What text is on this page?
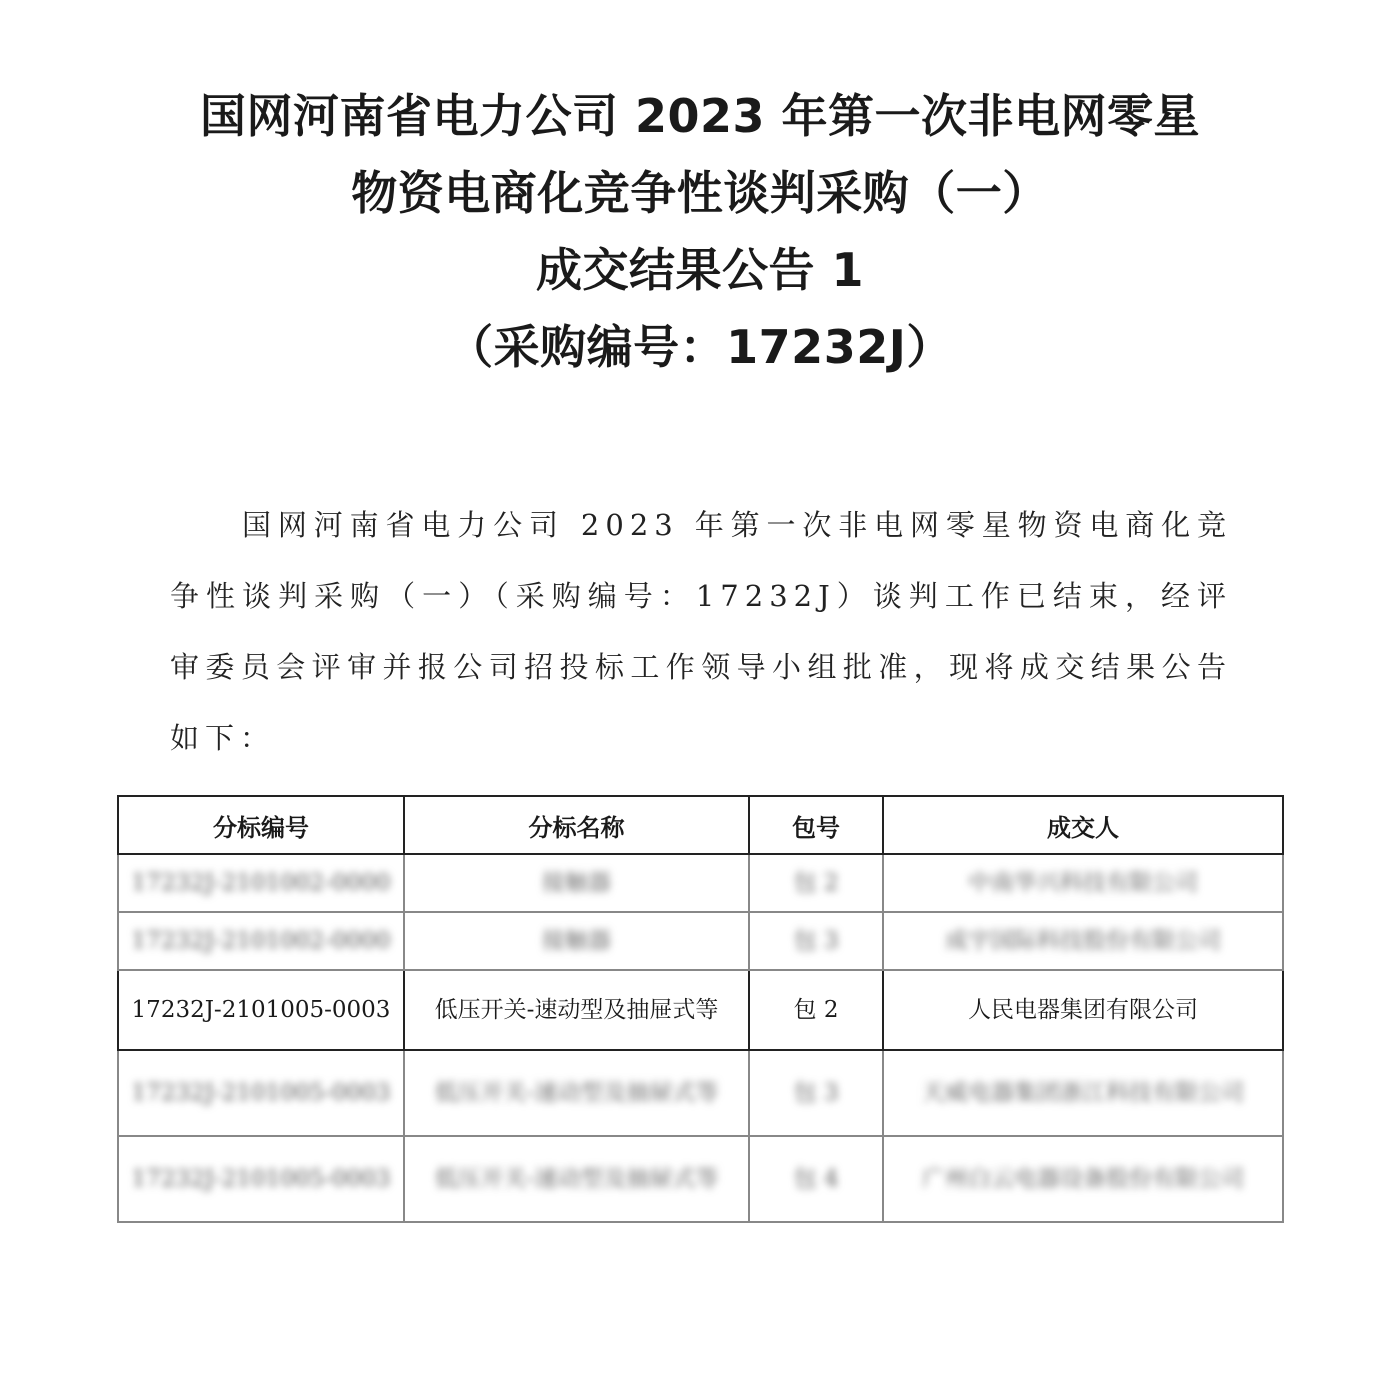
国网河南省电力公司 2023 年第一次非电网零星
物资电商化竞争性谈判采购（一）
成交结果公告 1
（采购编号：17232J）

国网河南省电力公司 2023 年第一次非电网零星物资电商化竞争性谈判采购（一）（采购编号：17232J）谈判工作已结束，经评审委员会评审并报公司招投标工作领导小组批准，现将成交结果公告如下：

分标编号	分标名称	包号	成交人
17232J-2101002-0000	接触器	包 2	中南华兴科技有限公司
17232J-2101002-0000	接触器	包 3	成宇国际科技股份有限公司
17232J-2101005-0003	低压开关-速动型及抽屉式等	包 2	人民电器集团有限公司
17232J-2101005-0003	低压开关-速动型及抽屉式等	包 3	天威电器集团浙江科技有限公司
17232J-2101005-0003	低压开关-速动型及抽屉式等	包 4	广州白云电器设备股份有限公司
